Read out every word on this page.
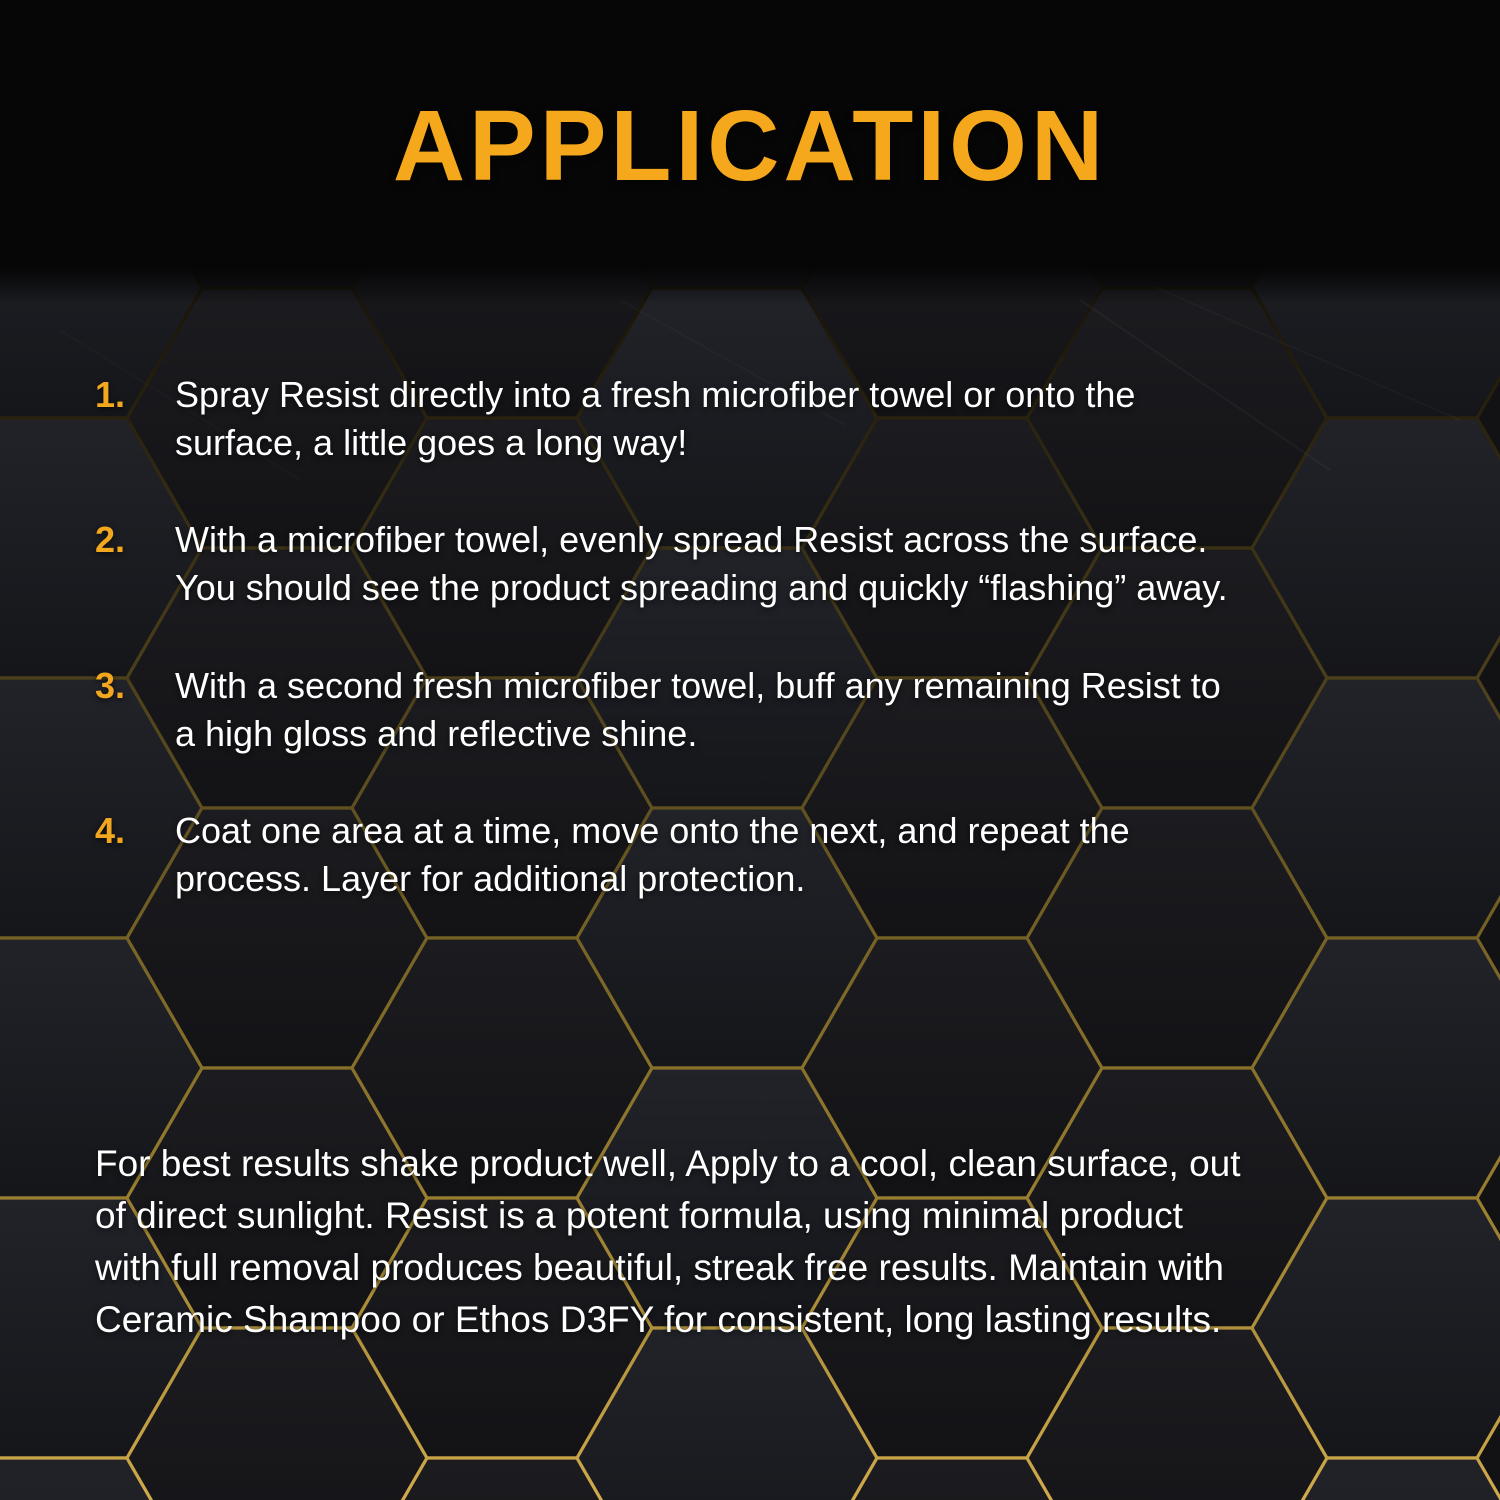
APPLICATION
1.	Spray Resist directly into a fresh microfiber towel or onto the
surface, a little goes a long way!
2.	With a microfiber towel, evenly spread Resist across the surface.
You should see the product spreading and quickly “flashing” away.
3.	With a second fresh microfiber towel, buff any remaining Resist to
a high gloss and reflective shine.
4.	Coat one area at a time, move onto the next, and repeat the
process. Layer for additional protection.
For best results shake product well, Apply to a cool, clean surface, out
of direct sunlight. Resist is a potent formula, using minimal product
with full removal produces beautiful, streak free results. Maintain with
Ceramic Shampoo or Ethos D3FY for consistent, long lasting results.
